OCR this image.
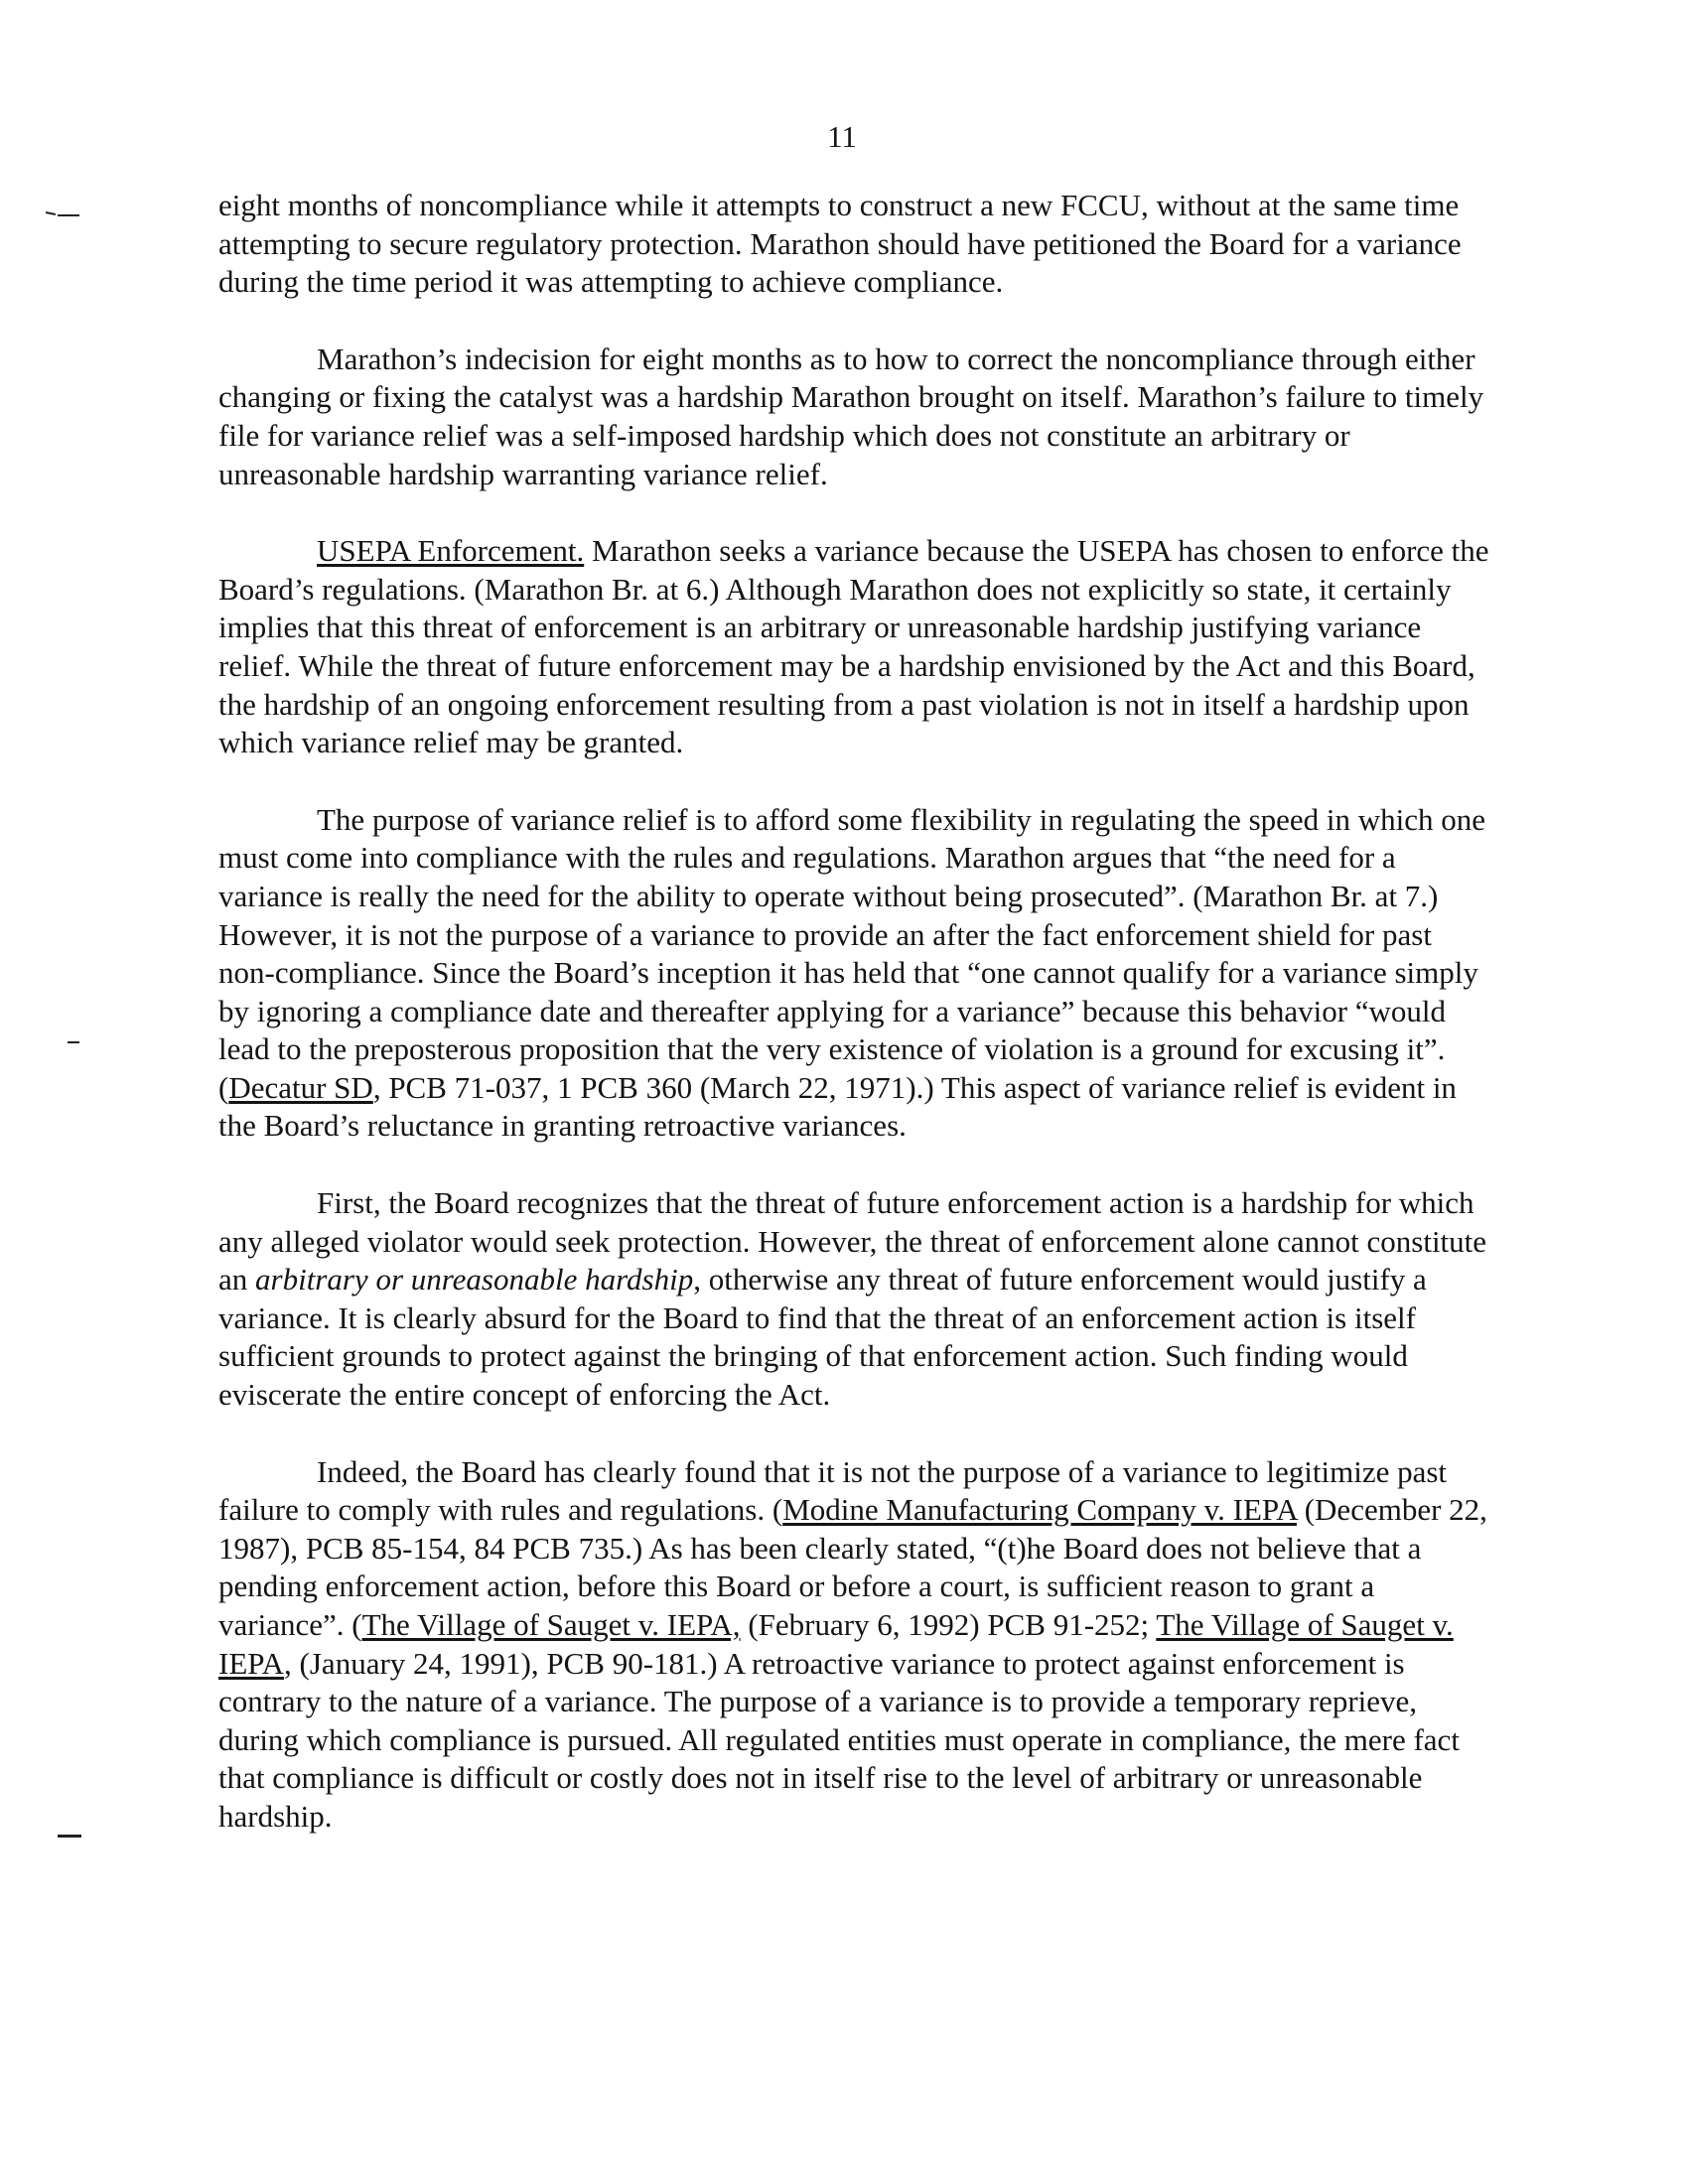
11

eight months of noncompliance while it attempts to construct a new FCCU, without at the same time attempting to secure regulatory protection. Marathon should have petitioned the Board for a variance during the time period it was attempting to achieve compliance.

Marathon’s indecision for eight months as to how to correct the noncompliance through either changing or fixing the catalyst was a hardship Marathon brought on itself. Marathon’s failure to timely file for variance relief was a self-imposed hardship which does not constitute an arbitrary or unreasonable hardship warranting variance relief.

USEPA Enforcement. Marathon seeks a variance because the USEPA has chosen to enforce the Board’s regulations. (Marathon Br. at 6.) Although Marathon does not explicitly so state, it certainly implies that this threat of enforcement is an arbitrary or unreasonable hardship justifying variance relief. While the threat of future enforcement may be a hardship envisioned by the Act and this Board, the hardship of an ongoing enforcement resulting from a past violation is not in itself a hardship upon which variance relief may be granted.

The purpose of variance relief is to afford some flexibility in regulating the speed in which one must come into compliance with the rules and regulations. Marathon argues that “the need for a variance is really the need for the ability to operate without being prosecuted”. (Marathon Br. at 7.) However, it is not the purpose of a variance to provide an after the fact enforcement shield for past non-compliance. Since the Board’s inception it has held that “one cannot qualify for a variance simply by ignoring a compliance date and thereafter applying for a variance” because this behavior “would lead to the preposterous proposition that the very existence of violation is a ground for excusing it”. (Decatur SD, PCB 71-037, 1 PCB 360 (March 22, 1971).) This aspect of variance relief is evident in the Board’s reluctance in granting retroactive variances.

First, the Board recognizes that the threat of future enforcement action is a hardship for which any alleged violator would seek protection. However, the threat of enforcement alone cannot constitute an arbitrary or unreasonable hardship, otherwise any threat of future enforcement would justify a variance. It is clearly absurd for the Board to find that the threat of an enforcement action is itself sufficient grounds to protect against the bringing of that enforcement action. Such finding would eviscerate the entire concept of enforcing the Act.

Indeed, the Board has clearly found that it is not the purpose of a variance to legitimize past failure to comply with rules and regulations. (Modine Manufacturing Company v. IEPA (December 22, 1987), PCB 85-154, 84 PCB 735.) As has been clearly stated, “(t)he Board does not believe that a pending enforcement action, before this Board or before a court, is sufficient reason to grant a variance”. (The Village of Sauget v. IEPA, (February 6, 1992) PCB 91-252; The Village of Sauget v. IEPA, (January 24, 1991), PCB 90-181.) A retroactive variance to protect against enforcement is contrary to the nature of a variance. The purpose of a variance is to provide a temporary reprieve, during which compliance is pursued. All regulated entities must operate in compliance, the mere fact that compliance is difficult or costly does not in itself rise to the level of arbitrary or unreasonable hardship.
